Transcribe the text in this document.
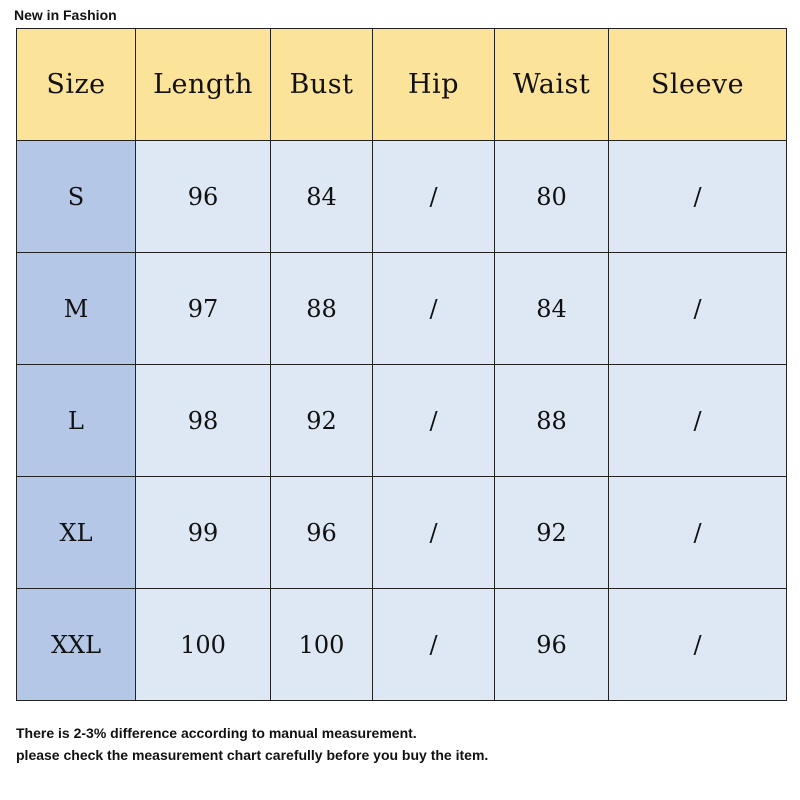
New in Fashion
Size	Length	Bust	Hip	Waist	Sleeve
S	96	84	/	80	/
M	97	88	/	84	/
L	98	92	/	88	/
XL	99	96	/	92	/
XXL	100	100	/	96	/
There is 2-3% difference according to manual measurement.
please check the measurement chart carefully before you buy the item.
